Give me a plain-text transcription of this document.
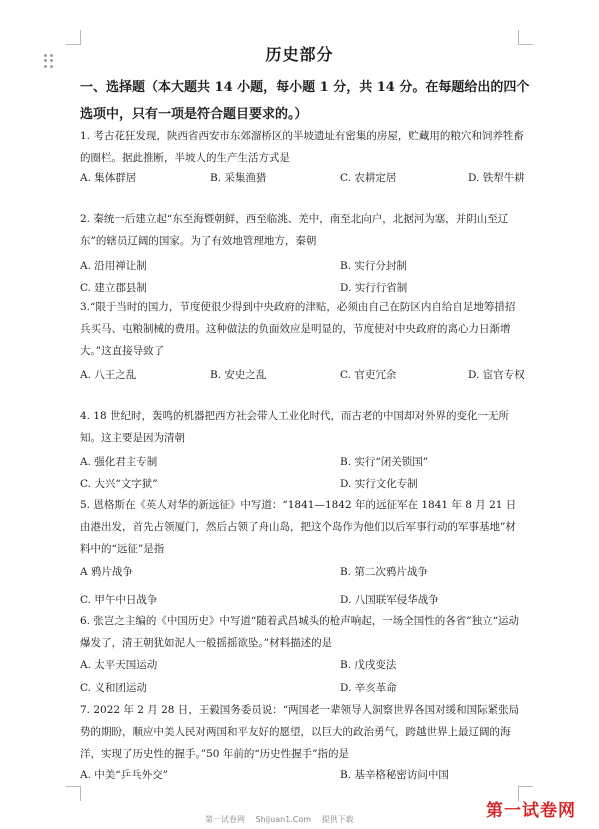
历史部分
一、选择题（本大题共 14 小题，每小题 1 分，共 14 分。在每题给出的四个选项中，只有一项是符合题目要求的。）
1. 考古花狂发现，陕西省西安市东郊溜桥区的半坡遗址有密集的房屋，贮藏用的粮穴和饲养牲畜的圈栏。据此推断，半坡人的生产生活方式是
A. 集体群居	B. 采集渔猎	C. 农耕定居	D. 铁犁牛耕
2. 秦统一后建立起“东至海暨朝鲜，西至临洮、羌中，南至北向户，北据河为塞，并阴山至辽东”的辖员辽阔的国家。为了有效地管理地方，秦朝
A. 沿用禅让制	B. 实行分封制
C. 建立郡县制	D. 实行行省制
3.“限于当时的国力，节度使很少得到中央政府的津贴，必须由自己在防区内自给自足地筹措招兵买马、屯粮制械的费用。这种做法的负面效应是明显的，节度使对中央政府的离心力日渐增大。”这直接导致了
A. 八王之乱	B. 安史之乱	C. 官吏冗余	D. 宦官专权
4. 18 世纪时，轰鸣的机器把西方社会带人工业化时代，而古老的中国却对外界的变化一无所知。这主要是因为清朝
A. 强化君主专制	B. 实行“闭关锁国”
C. 大兴“文字狱”	D. 实行文化专制
5. 恩格斯在《英人对华的新远征》中写道：“1841—1842 年的远征军在 1841 年 8 月 21 日由港出发，首先占领厦门，然后占领了舟山岛，把这个岛作为他们以后军事行动的军事基地”材料中的“远征”是指
A 鸦片战争	B. 第二次鸦片战争
C. 甲午中日战争	D. 八国联军侵华战争
6. 张岂之主编的《中国历史》中写道“随着武昌城头的枪声响起，一场全国性的各省”独立“运动爆发了，清王朝犹如泥人一般摇摇欲坠。”材料描述的是
A. 太平天国运动	B. 戊戌变法
C. 义和团运动	D. 辛亥革命
7. 2022 年 2 月 28 日，王毅国务委员说：“两国老一辈领导人洞察世界各国对缓和国际紧张局势的期盼，顺应中美人民对两国和平友好的愿望，以巨大的政治勇气，跨越世界上最辽阔的海洋，实现了历史性的握手。”50 年前的“历史性握手”指的是
A. 中美“乒乓外交”	B. 基辛格秘密访问中国
第一试卷网 Shijuan1.Com 提供下载	第一试卷网
